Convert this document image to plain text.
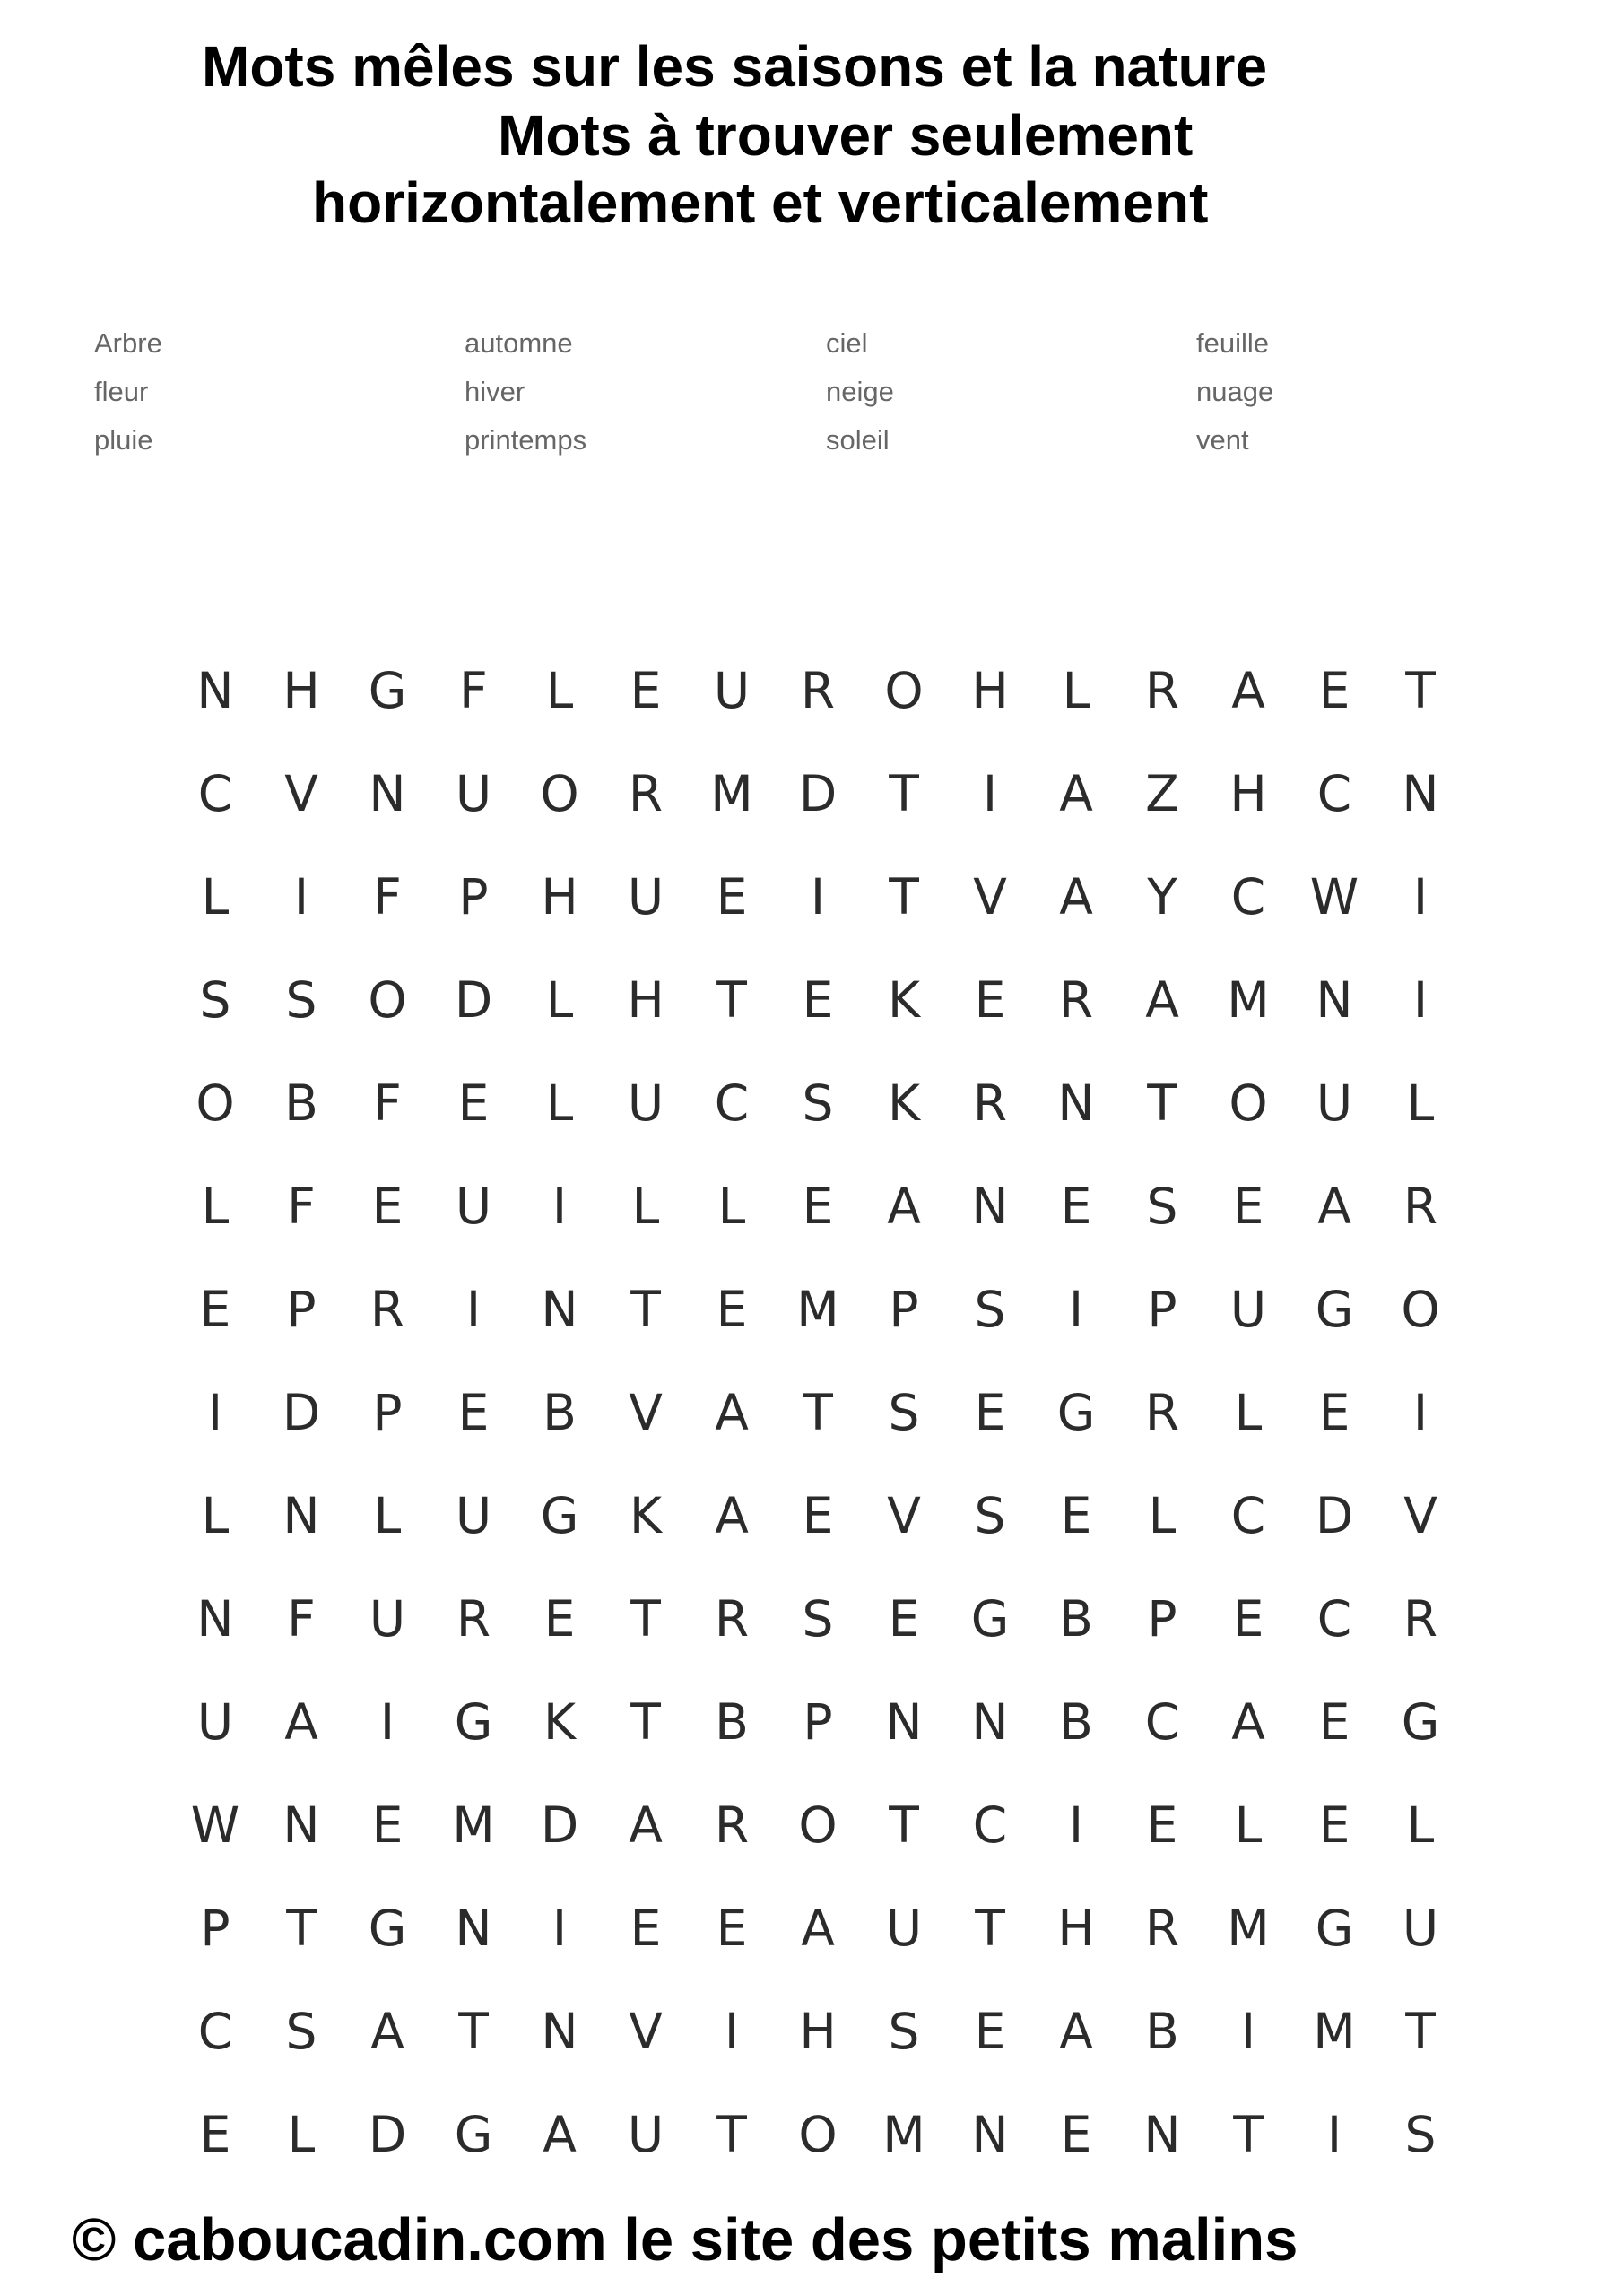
Mots mêles sur les saisons et la nature
Mots à trouver seulement
horizontalement et verticalement
Arbre	automne	ciel	feuille
fleur	hiver	neige	nuage
pluie	printemps	soleil	vent
N H G	F	L	E	U	R	O H	L	R	A	E	T
C	V	N	U O	R M D	T	I	A	Z	H	C	N
L	I	F	P	H	U	E	I	T	V	A	Y	C W	I
S	S	O D	L	H	T	E	K	E	R	A M N	I
O	B	F	E	L	U	C	S	K	R	N	T	O U	L
L	F	E	U	I	L	L	E	A	N	E	S	E	A	R
E	P	R	I	N	T	E M	P	S	I	P	U G O
I	D	P	E	B	V	A	T	S	E	G	R	L	E	I
L	N	L	U G	K	A	E	V	S	E	L	C	D	V
N	F	U	R	E	T	R	S	E	G	B	P	E	C	R
U	A	I	G	K	T	B	P	N N	B	C	A	E	G
W N	E M D	A	R	O	T	C	I	E	L	E	L
P	T	G N	I	E	E	A	U	T	H	R M G U
C	S	A	T	N	V	I	H	S	E	A	B	I	M	T
E	L	D G	A	U	T	O M N	E	N	T	I	S
© caboucadin.com le site des petits malins
